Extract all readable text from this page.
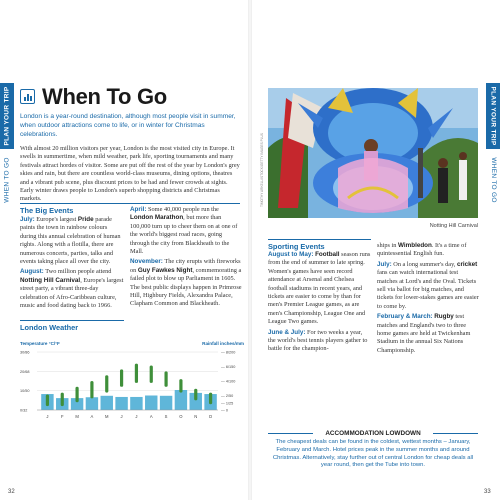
PLAN YOUR TRIP
WHEN TO GO
When To Go
London is a year-round destination, although most people visit in summer, when outdoor attractions come to life, or in winter for Christmas celebrations.
With almost 20 million visitors per year, London is the most visited city in Europe. It swells in summertime, when mild weather, park life, sporting tournaments and many festivals attract hordes of visitor. Some are put off the rest of the year by London's grey skies and rain, but there are countless world-class museums, dining options, theatres and a vibrant pub scene, plus discount prices to be had and fewer crowds at sights. Early winter draws people to London's superb shopping districts and Christmas markets.
The Big Events

July: Europe's largest Pride parade paints the town in rainbow colours during this annual celebration of human rights. Along with a flotilla, there are numerous concerts, parties, talks and events taking place all over the city.

August: Two million people attend Notting Hill Carnival, Europe's largest street party, a vibrant three-day celebration of Afro-Caribbean culture, music and food dating back to 1966.

April: Some 40,000 people run the London Marathon, but more than 100,000 turn up to cheer them on at one of the world's biggest road races, going through the city from Blackheath to the Mall.

November: The city erupts with fireworks on Guy Fawkes Night, commemorating a failed plot to blow up Parliament in 1605. The best public displays happen in Primrose Hill, Highbury Fields, Alexandra Palace, Clapham Common and Blackheath.

London Weather
Temperature °C/°F	Rainfall inches/mm
30/86
20/68
10/50
0/32
— 8/200
— 6/150
— 4/100
— 2/50
— 1/25
— 0
J	F	M	A	M	J	J	A	S	O	N	D
32
PLAN YOUR TRIP
WHEN TO GO
TIMOTHY ARKELL/ISTOCK/GETTY IMAGES PLUS
Notting Hill Carnival
Sporting Events

August to May: Football season runs from the end of summer to late spring. Women's games have seen record attendance at Arsenal and Chelsea football stadiums in recent years, and tickets are easier to come by than for men's Premier League games, as are men's Championship, League One and League Two games.

June & July: For two weeks a year, the world's best tennis players gather to battle for the champion-

ships in Wimbledon. It's a time of quintessential English fun.

July: On a long summer's day, cricket fans can watch international test matches at Lord's and the Oval. Tickets sell via ballot for big matches, and tickets for lower-stakes games are easier to come by.

February & March: Rugby test matches and England's two to three home games are held at Twickenham Stadium in the annual Six Nations Championship.

ACCOMMODATION LOWDOWN
The cheapest deals can be found in the coldest, wettest months – January, February and March. Hotel prices peak in the summer months and around Christmas. Alternatively, stay further out of central London for cheap deals all year round, then get the Tube into town.
33
